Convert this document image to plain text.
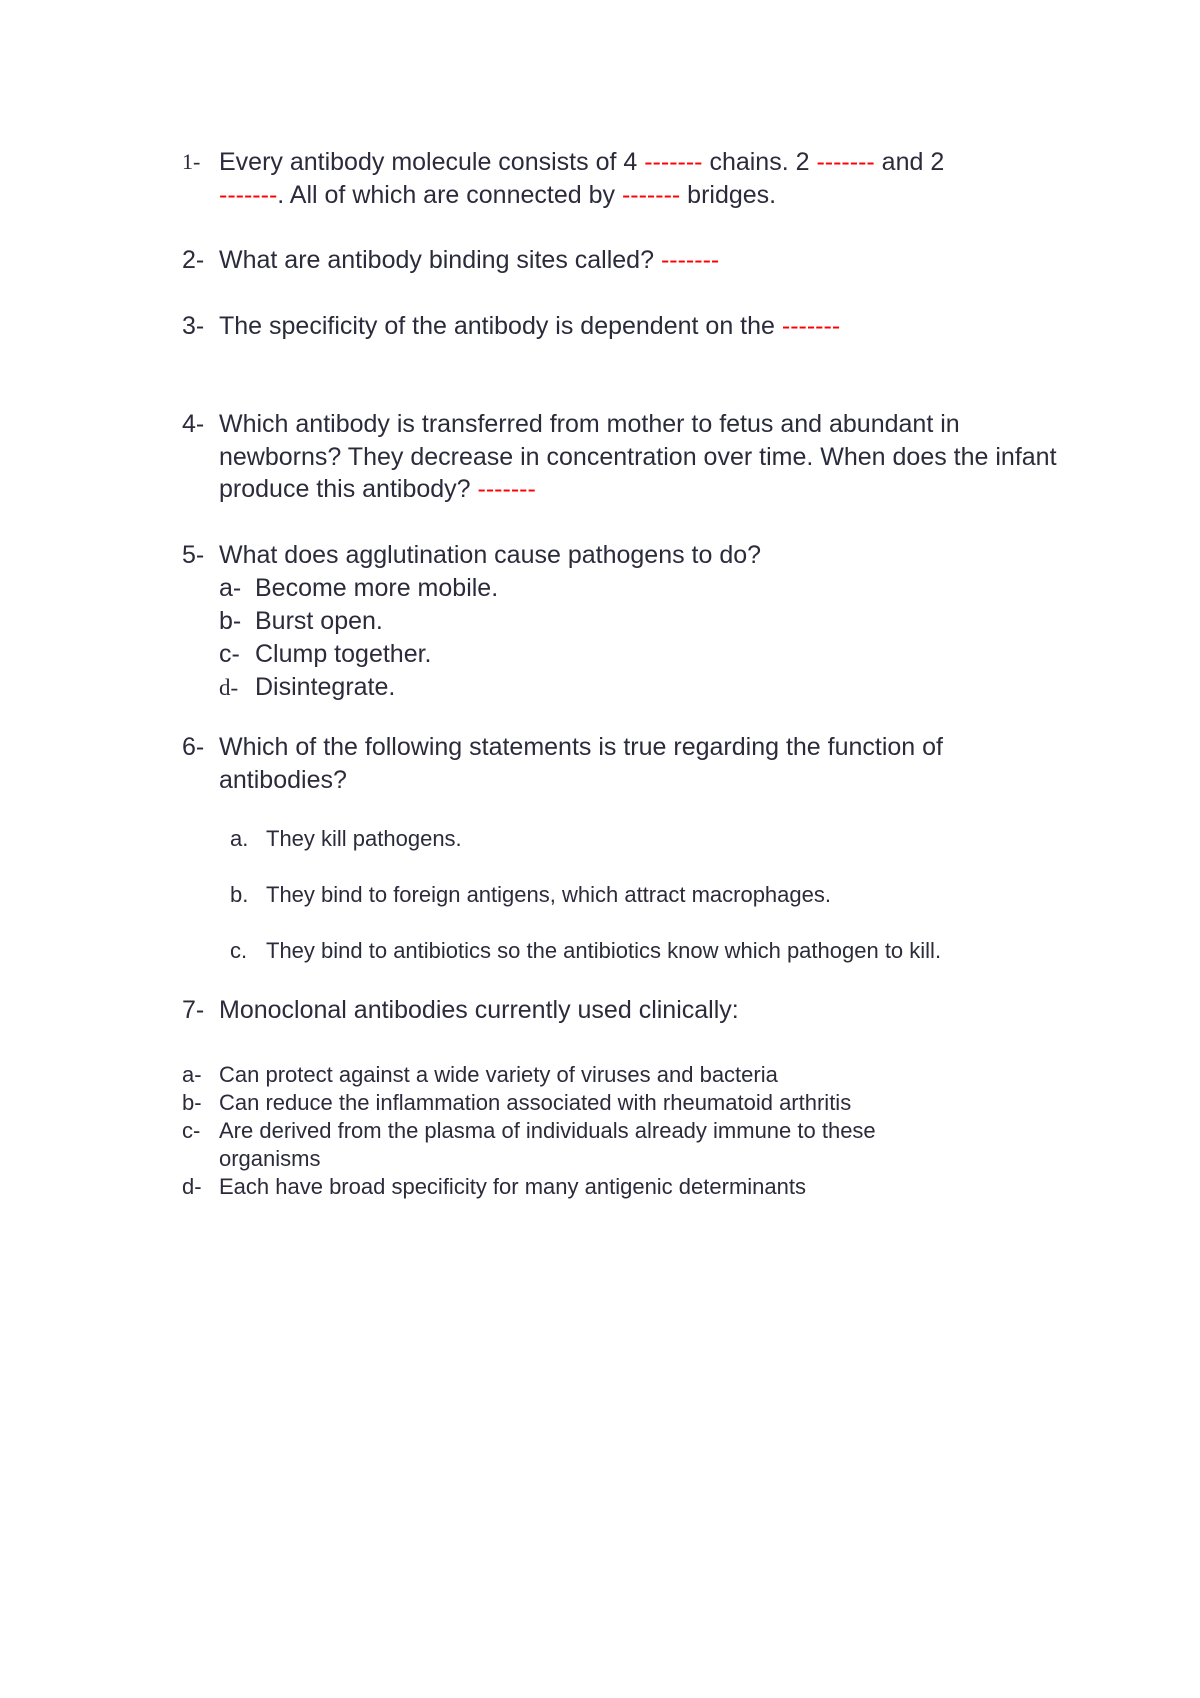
1- Every antibody molecule consists of 4 ------- chains. 2 ------- and 2
-------. All of which are connected by ------- bridges.
2- What are antibody binding sites called? -------
3- The specificity of the antibody is dependent on the -------
4- Which antibody is transferred from mother to fetus and abundant in newborns? They decrease in concentration over time. When does the infant produce this antibody? -------
5- What does agglutination cause pathogens to do?
a- Become more mobile.
b- Burst open.
c- Clump together.
d- Disintegrate.
6- Which of the following statements is true regarding the function of antibodies?
a. They kill pathogens.
b. They bind to foreign antigens, which attract macrophages.
c. They bind to antibiotics so the antibiotics know which pathogen to kill.
7- Monoclonal antibodies currently used clinically:
a- Can protect against a wide variety of viruses and bacteria
b- Can reduce the inflammation associated with rheumatoid arthritis
c- Are derived from the plasma of individuals already immune to these organisms
d- Each have broad specificity for many antigenic determinants
